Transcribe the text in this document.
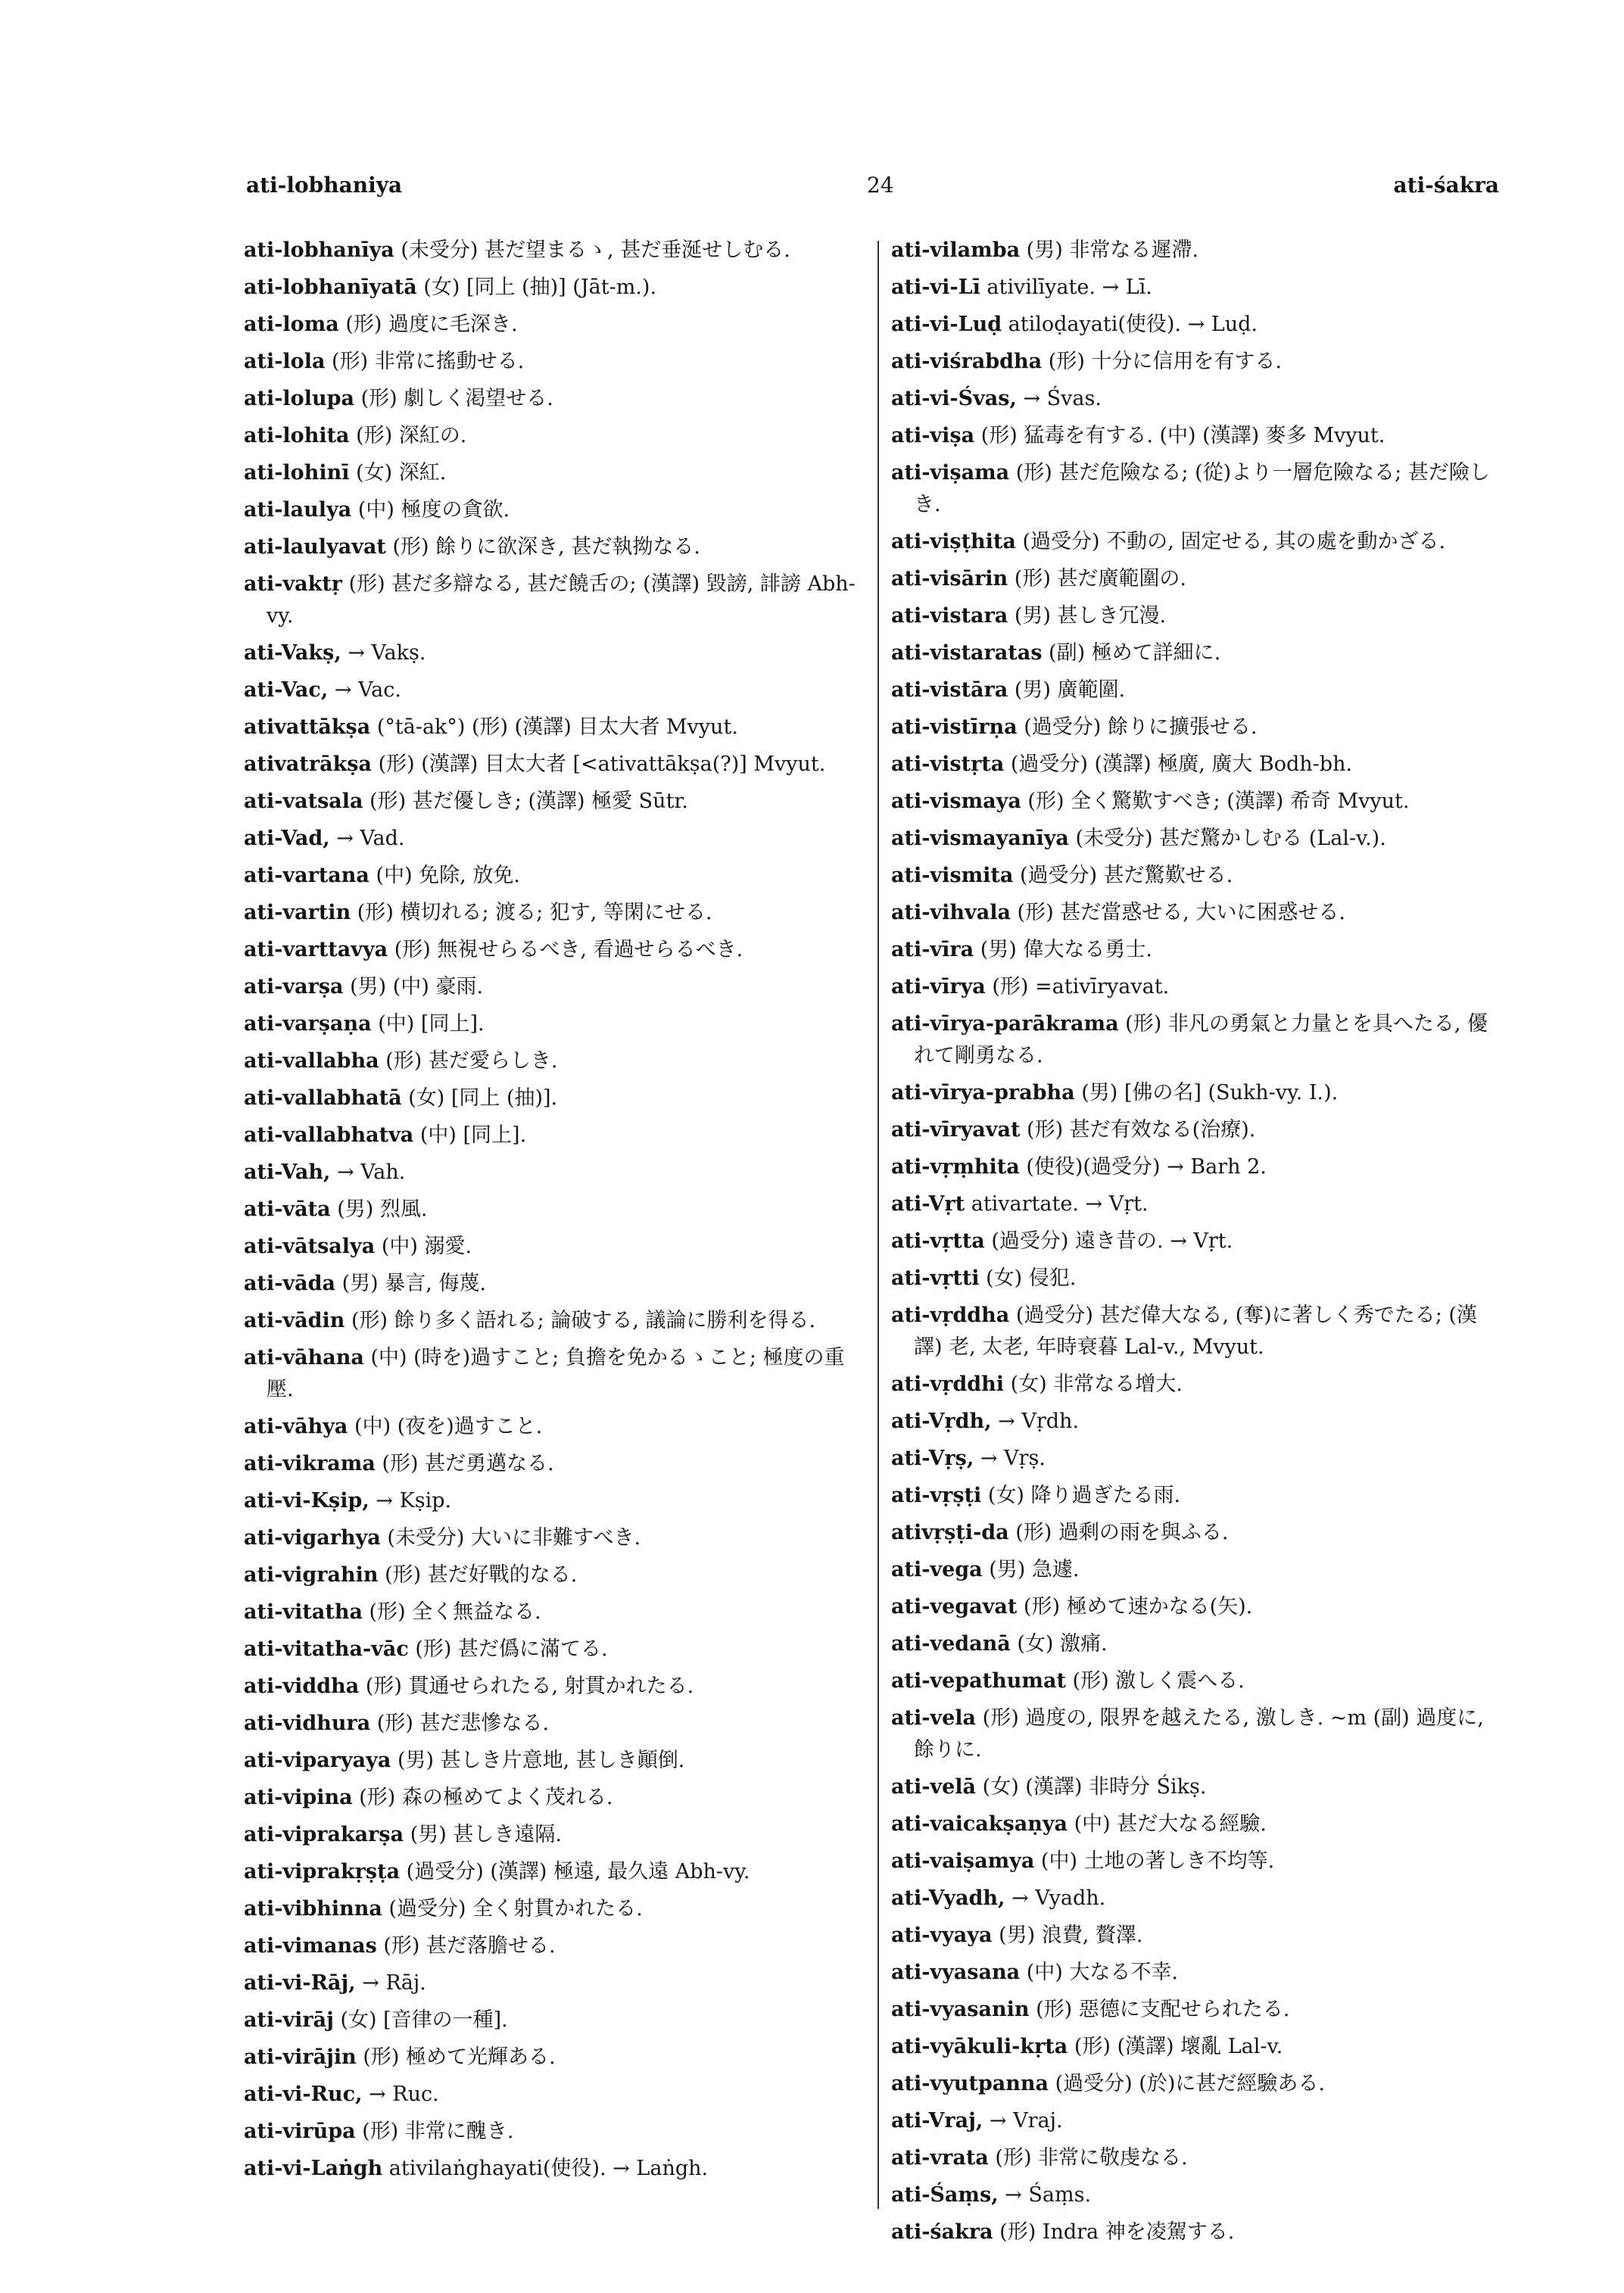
ati-lobhaniya	24	ati-śakra
ati-lobhanīya (未受分) 甚だ望まるゝ, 甚だ垂涎せしむる.
ati-lobhanīyatā (女) [同上 (抽)] (Jāt-m.).
ati-loma (形) 過度に毛深き.
ati-lola (形) 非常に搖動せる.
ati-lolupa (形) 劇しく渇望せる.
ati-lohita (形) 深紅の.
ati-lohinī (女) 深紅.
ati-laulya (中) 極度の貪欲.
ati-laulyavat (形) 餘りに欲深き, 甚だ執拗なる.
ati-vaktṛ (形) 甚だ多辯なる, 甚だ饒舌の; (漢譯) 毀謗, 誹謗 Abh-vy.
ati-Vakṣ, → Vakṣ.
ati-Vac, → Vac.
ativattākṣa (°tā-ak°) (形) (漢譯) 目太大者 Mvyut.
ativatrākṣa (形) (漢譯) 目太大者 [<ativattākṣa(?)] Mvyut.
ati-vatsala (形) 甚だ優しき; (漢譯) 極愛 Sūtr.
ati-Vad, → Vad.
ati-vartana (中) 免除, 放免.
ati-vartin (形) 横切れる; 渡る; 犯す, 等閑にせる.
ati-varttavya (形) 無視せらるべき, 看過せらるべき.
ati-varṣa (男) (中) 豪雨.
ati-varṣaṇa (中) [同上].
ati-vallabha (形) 甚だ愛らしき.
ati-vallabhatā (女) [同上 (抽)].
ati-vallabhatva (中) [同上].
ati-Vah, → Vah.
ati-vāta (男) 烈風.
ati-vātsalya (中) 溺愛.
ati-vāda (男) 暴言, 侮蔑.
ati-vādin (形) 餘り多く語れる; 論破する, 議論に勝利を得る.
ati-vāhana (中) (時を)過すこと; 負擔を免かるゝこと; 極度の重壓.
ati-vāhya (中) (夜を)過すこと.
ati-vikrama (形) 甚だ勇邁なる.
ati-vi-Kṣip, → Kṣip.
ati-vigarhya (未受分) 大いに非難すべき.
ati-vigrahin (形) 甚だ好戰的なる.
ati-vitatha (形) 全く無益なる.
ati-vitatha-vāc (形) 甚だ僞に滿てる.
ati-viddha (形) 貫通せられたる, 射貫かれたる.
ati-vidhura (形) 甚だ悲慘なる.
ati-viparyaya (男) 甚しき片意地, 甚しき顚倒.
ati-vipina (形) 森の極めてよく茂れる.
ati-viprakarṣa (男) 甚しき遠隔.
ati-viprakṛṣṭa (過受分) (漢譯) 極遠, 最久遠 Abh-vy.
ati-vibhinna (過受分) 全く射貫かれたる.
ati-vimanas (形) 甚だ落膽せる.
ati-vi-Rāj, → Rāj.
ati-virāj (女) [音律の一種].
ati-virājin (形) 極めて光輝ある.
ati-vi-Ruc, → Ruc.
ati-virūpa (形) 非常に醜き.
ati-vi-Laṅgh ativilaṅghayati(使役). → Laṅgh.
ati-vilamba (男) 非常なる遲滯.
ati-vi-Lī ativilīyate. → Lī.
ati-vi-Luḍ atiloḍayati(使役). → Luḍ.
ati-viśrabdha (形) 十分に信用を有する.
ati-vi-Śvas, → Śvas.
ati-viṣa (形) 猛毒を有する. (中) (漢譯) 麥多 Mvyut.
ati-viṣama (形) 甚だ危險なる; (從)より一層危險なる; 甚だ險しき.
ati-viṣṭhita (過受分) 不動の, 固定せる, 其の處を動かざる.
ati-visārin (形) 甚だ廣範圍の.
ati-vistara (男) 甚しき冗漫.
ati-vistaratas (副) 極めて詳細に.
ati-vistāra (男) 廣範圍.
ati-vistīrṇa (過受分) 餘りに擴張せる.
ati-vistṛta (過受分) (漢譯) 極廣, 廣大 Bodh-bh.
ati-vismaya (形) 全く驚歎すべき; (漢譯) 希奇 Mvyut.
ati-vismayanīya (未受分) 甚だ驚かしむる (Lal-v.).
ati-vismita (過受分) 甚だ驚歎せる.
ati-vihvala (形) 甚だ當惑せる, 大いに困惑せる.
ati-vīra (男) 偉大なる勇士.
ati-vīrya (形) =ativīryavat.
ati-vīrya-parākrama (形) 非凡の勇氣と力量とを具へたる, 優れて剛勇なる.
ati-vīrya-prabha (男) [佛の名] (Sukh-vy. I.).
ati-vīryavat (形) 甚だ有效なる(治療).
ati-vṛṃhita (使役)(過受分) → Barh 2.
ati-Vṛt ativartate. → Vṛt.
ati-vṛtta (過受分) 遠き昔の. → Vṛt.
ati-vṛtti (女) 侵犯.
ati-vṛddha (過受分) 甚だ偉大なる, (奪)に著しく秀でたる; (漢譯) 老, 太老, 年時衰暮 Lal-v., Mvyut.
ati-vṛddhi (女) 非常なる增大.
ati-Vṛdh, → Vṛdh.
ati-Vṛṣ, → Vṛṣ.
ati-vṛṣṭi (女) 降り過ぎたる雨.
ativṛṣṭi-da (形) 過剩の雨を與ふる.
ati-vega (男) 急遽.
ati-vegavat (形) 極めて速かなる(矢).
ati-vedanā (女) 激痛.
ati-vepathumat (形) 激しく震へる.
ati-vela (形) 過度の, 限界を越えたる, 激しき. ∼m (副) 過度に, 餘りに.
ati-velā (女) (漢譯) 非時分 Śikṣ.
ati-vaicakṣaṇya (中) 甚だ大なる經驗.
ati-vaiṣamya (中) 土地の著しき不均等.
ati-Vyadh, → Vyadh.
ati-vyaya (男) 浪費, 贅澤.
ati-vyasana (中) 大なる不幸.
ati-vyasanin (形) 惡德に支配せられたる.
ati-vyākuli-kṛta (形) (漢譯) 壞亂 Lal-v.
ati-vyutpanna (過受分) (於)に甚だ經驗ある.
ati-Vraj, → Vraj.
ati-vrata (形) 非常に敬虔なる.
ati-Śaṃs, → Śaṃs.
ati-śakra (形) Indra 神を凌駕する.
